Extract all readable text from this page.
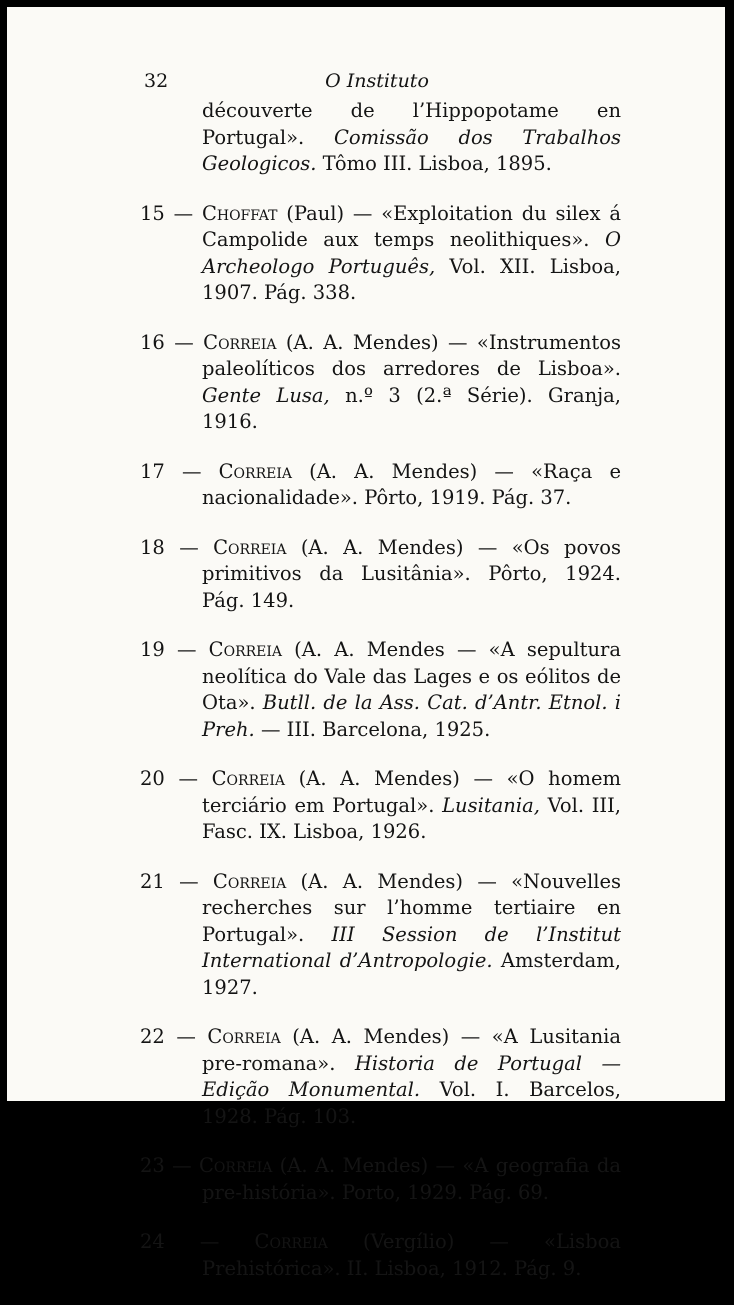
32	O Instituto
découverte de l’Hippopotame en Portugal». Comissão dos Trabalhos Geologicos. Tômo III. Lisboa, 1895.
15 — Choffat (Paul) — «Exploitation du silex á Campolide aux temps neolithiques». O Archeologo Português, Vol. XII. Lisboa, 1907. Pág. 338.
16 — Correia (A. A. Mendes) — «Instrumentos paleolíticos dos arredores de Lisboa». Gente Lusa, n.º 3 (2.ª Série). Granja, 1916.
17 — Correia (A. A. Mendes) — «Raça e nacionalidade». Pôrto, 1919. Pág. 37.
18 — Correia (A. A. Mendes) — «Os povos primitivos da Lusitânia». Pôrto, 1924. Pág. 149.
19 — Correia (A. A. Mendes — «A sepultura neolítica do Vale das Lages e os eólitos de Ota». Butll. de la Ass. Cat. d’Antr. Etnol. i Preh. — III. Barcelona, 1925.
20 — Correia (A. A. Mendes) — «O homem terciário em Portugal». Lusitania, Vol. III, Fasc. IX. Lisboa, 1926.
21 — Correia (A. A. Mendes) — «Nouvelles recherches sur l’homme tertiaire en Portugal». III Session de l’Institut International d’Antropologie. Amsterdam, 1927.
22 — Correia (A. A. Mendes) — «A Lusitania pre-romana». Historia de Portugal — Edição Monumental. Vol. I. Barcelos, 1928. Pág. 103.
23 — Correia (A. A. Mendes) — «A geografia da pre-história». Porto, 1929. Pág. 69.
24 — Correia (Vergílio) — «Lisboa Prehistórica». II. Lisboa, 1912. Pág. 9.
